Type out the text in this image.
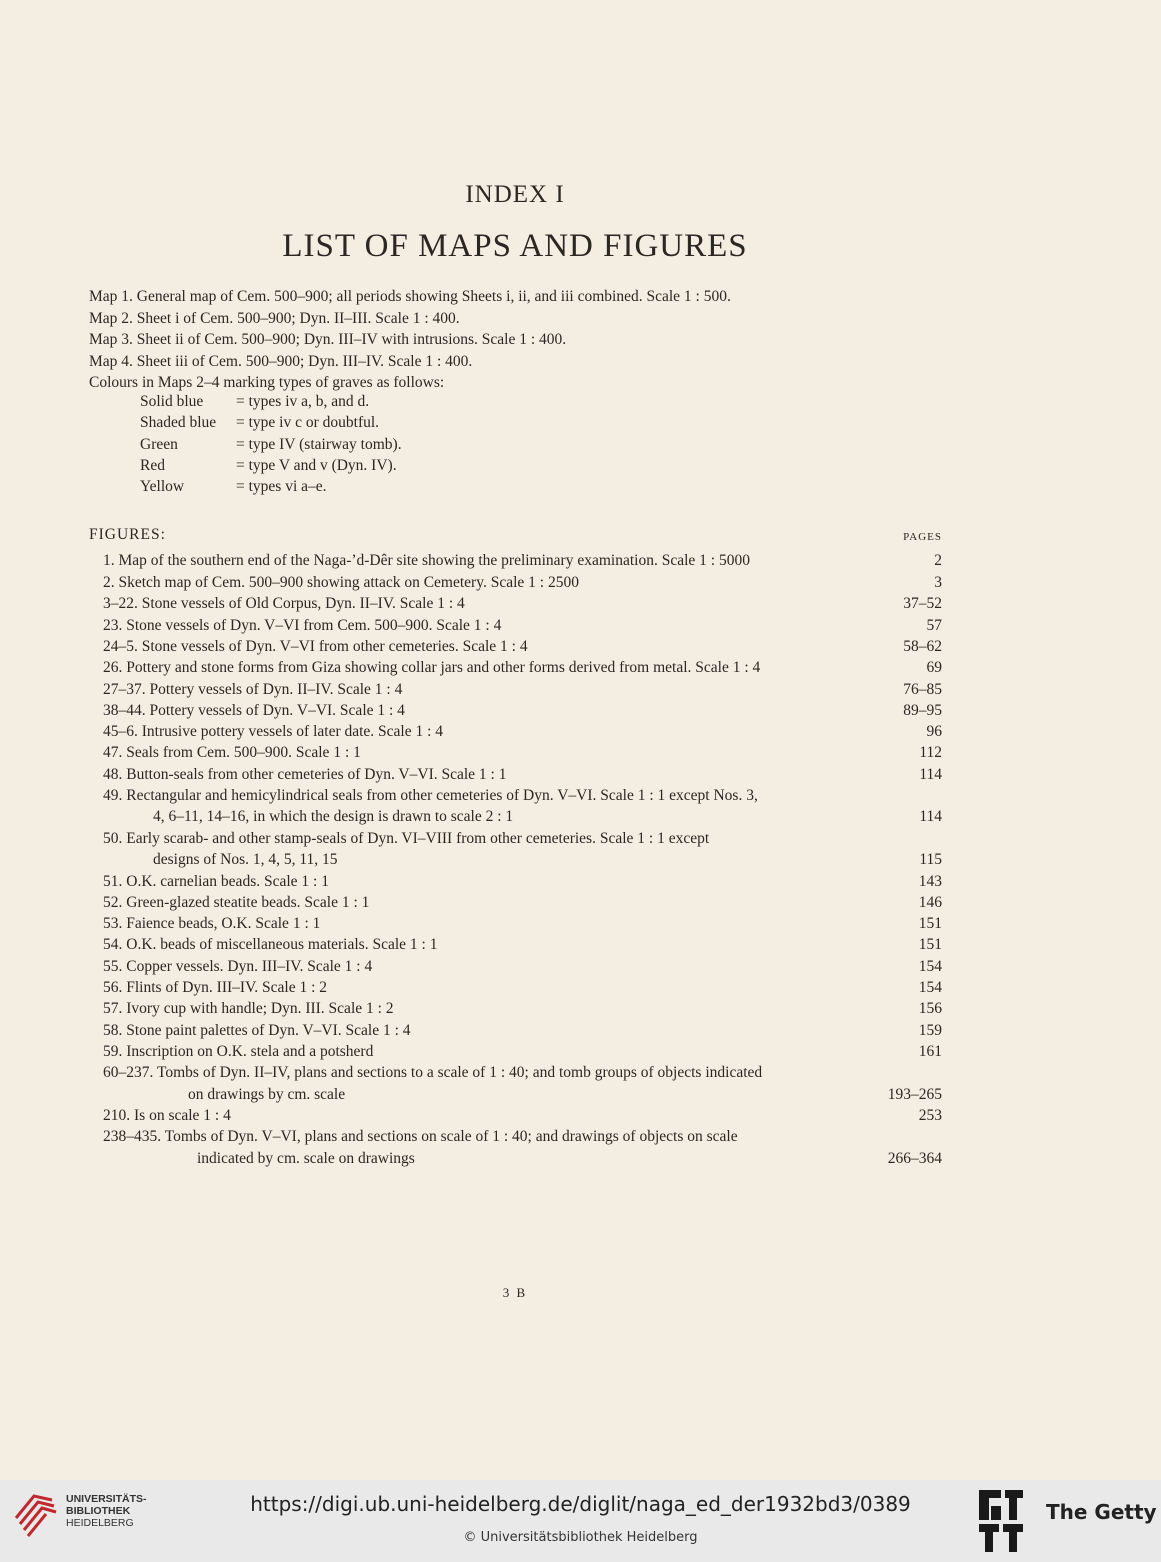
INDEX I
LIST OF MAPS AND FIGURES
Map 1. General map of Cem. 500–900; all periods showing Sheets i, ii, and iii combined. Scale 1 : 500.
Map 2. Sheet i of Cem. 500–900; Dyn. II–III. Scale 1 : 400.
Map 3. Sheet ii of Cem. 500–900; Dyn. III–IV with intrusions. Scale 1 : 400.
Map 4. Sheet iii of Cem. 500–900; Dyn. III–IV. Scale 1 : 400.
Colours in Maps 2–4 marking types of graves as follows:
Solid blue = types iv a, b, and d.
Shaded blue = type iv c or doubtful.
Green	= type IV (stairway tomb).
Red	= type V and v (Dyn. IV).
Yellow	= types vi a–e.
FIGURES:	PAGES
1. Map of the southern end of the Naga-’d-Dêr site showing the preliminary examination. Scale 1 : 5000	2
2. Sketch map of Cem. 500–900 showing attack on Cemetery. Scale 1 : 2500	3
3–22. Stone vessels of Old Corpus, Dyn. II–IV. Scale 1 : 4	37–52
23. Stone vessels of Dyn. V–VI from Cem. 500–900. Scale 1 : 4	57
24–5. Stone vessels of Dyn. V–VI from other cemeteries. Scale 1 : 4	58–62
26. Pottery and stone forms from Giza showing collar jars and other forms derived from metal. Scale 1 : 4	69
27–37. Pottery vessels of Dyn. II–IV. Scale 1 : 4	76–85
38–44. Pottery vessels of Dyn. V–VI. Scale 1 : 4	89–95
45–6. Intrusive pottery vessels of later date. Scale 1 : 4	96
47. Seals from Cem. 500–900. Scale 1 : 1	112
48. Button-seals from other cemeteries of Dyn. V–VI. Scale 1 : 1	114
49. Rectangular and hemicylindrical seals from other cemeteries of Dyn. V–VI. Scale 1 : 1 except Nos. 3,
4, 6–11, 14–16, in which the design is drawn to scale 2 : 1	114
50. Early scarab- and other stamp-seals of Dyn. VI–VIII from other cemeteries. Scale 1 : 1 except
designs of Nos. 1, 4, 5, 11, 15	115
51. O.K. carnelian beads. Scale 1 : 1	143
52. Green-glazed steatite beads. Scale 1 : 1	146
53. Faience beads, O.K. Scale 1 : 1	151
54. O.K. beads of miscellaneous materials. Scale 1 : 1	151
55. Copper vessels. Dyn. III–IV. Scale 1 : 4	154
56. Flints of Dyn. III–IV. Scale 1 : 2	154
57. Ivory cup with handle; Dyn. III. Scale 1 : 2	156
58. Stone paint palettes of Dyn. V–VI. Scale 1 : 4	159
59. Inscription on O.K. stela and a potsherd	161
60–237. Tombs of Dyn. II–IV, plans and sections to a scale of 1 : 40; and tomb groups of objects indicated
on drawings by cm. scale	193–265
210. Is on scale 1 : 4	253
238–435. Tombs of Dyn. V–VI, plans and sections on scale of 1 : 40; and drawings of objects on scale
indicated by cm. scale on drawings	266–364
3 B
UNIVERSITÄTS-
BIBLIOTHEK
HEIDELBERG
https://digi.ub.uni-heidelberg.de/diglit/naga_ed_der1932bd3/0389
© Universitätsbibliothek Heidelberg
The Getty
